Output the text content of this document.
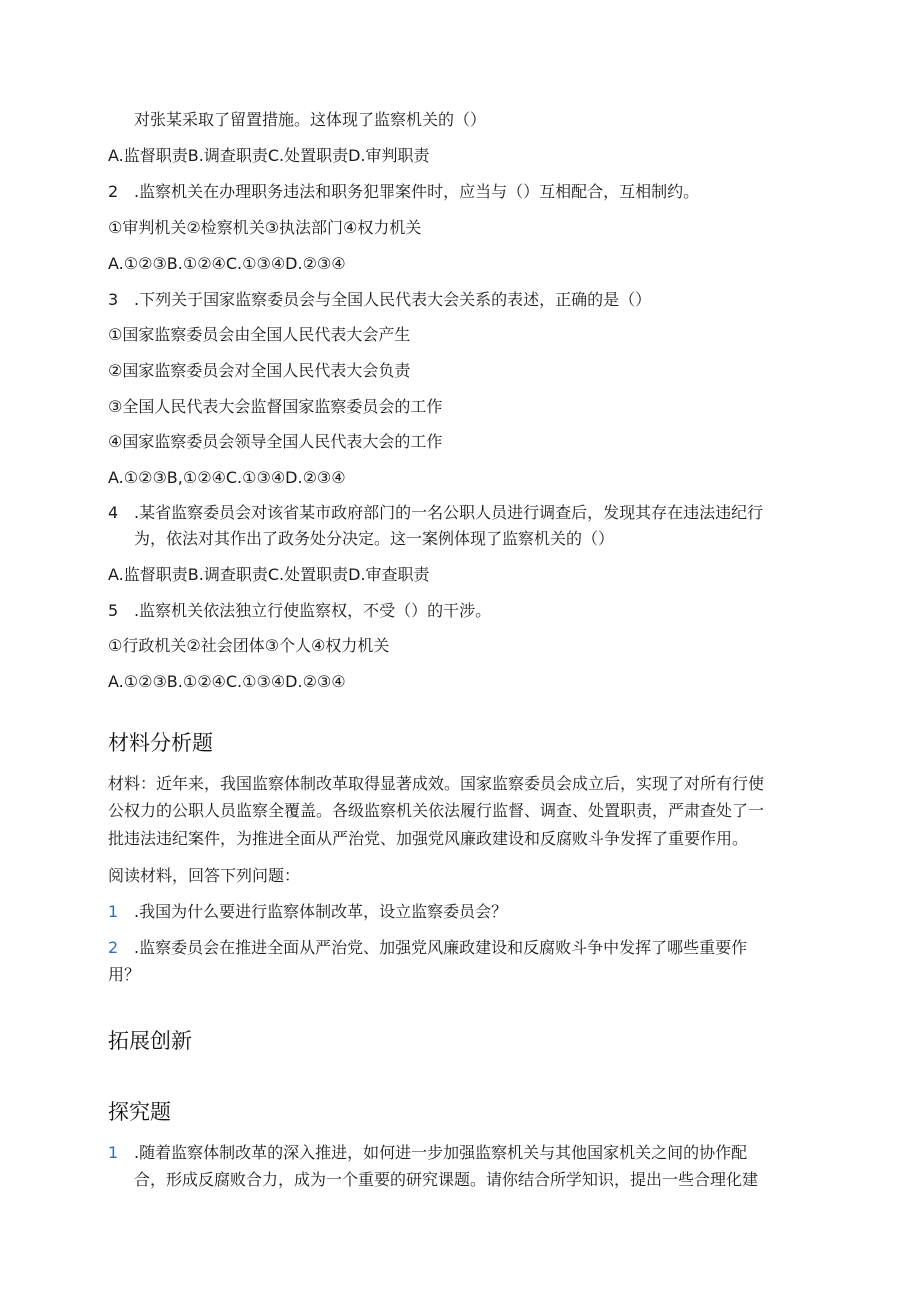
对张某采取了留置措施。这体现了监察机关的（）
A.监督职责B.调查职责C.处置职责D.审判职责
2 .监察机关在办理职务违法和职务犯罪案件时，应当与（）互相配合，互相制约。
①审判机关②检察机关③执法部门④权力机关
A.①②③B.①②④C.①③④D.②③④
3 .下列关于国家监察委员会与全国人民代表大会关系的表述，正确的是（）
①国家监察委员会由全国人民代表大会产生
②国家监察委员会对全国人民代表大会负责
③全国人民代表大会监督国家监察委员会的工作
④国家监察委员会领导全国人民代表大会的工作
A.①②③B,①②④C.①③④D.②③④
4 .某省监察委员会对该省某市政府部门的一名公职人员进行调查后，发现其存在违法违纪行
为，依法对其作出了政务处分决定。这一案例体现了监察机关的（）
A.监督职责B.调查职责C.处置职责D.审查职责
5 .监察机关依法独立行使监察权，不受（）的干涉。
①行政机关②社会团体③个人④权力机关
A.①②③B.①②④C.①③④D.②③④
材料分析题
材料：近年来，我国监察体制改革取得显著成效。国家监察委员会成立后，实现了对所有行使
公权力的公职人员监察全覆盖。各级监察机关依法履行监督、调查、处置职责，严肃查处了一
批违法违纪案件，为推进全面从严治党、加强党风廉政建设和反腐败斗争发挥了重要作用。
阅读材料，回答下列问题：
1 .我国为什么要进行监察体制改革，设立监察委员会？
2 .监察委员会在推进全面从严治党、加强党风廉政建设和反腐败斗争中发挥了哪些重要作
用？
拓展创新
探究题
1 .随着监察体制改革的深入推进，如何进一步加强监察机关与其他国家机关之间的协作配
合，形成反腐败合力，成为一个重要的研究课题。请你结合所学知识，提出一些合理化建
